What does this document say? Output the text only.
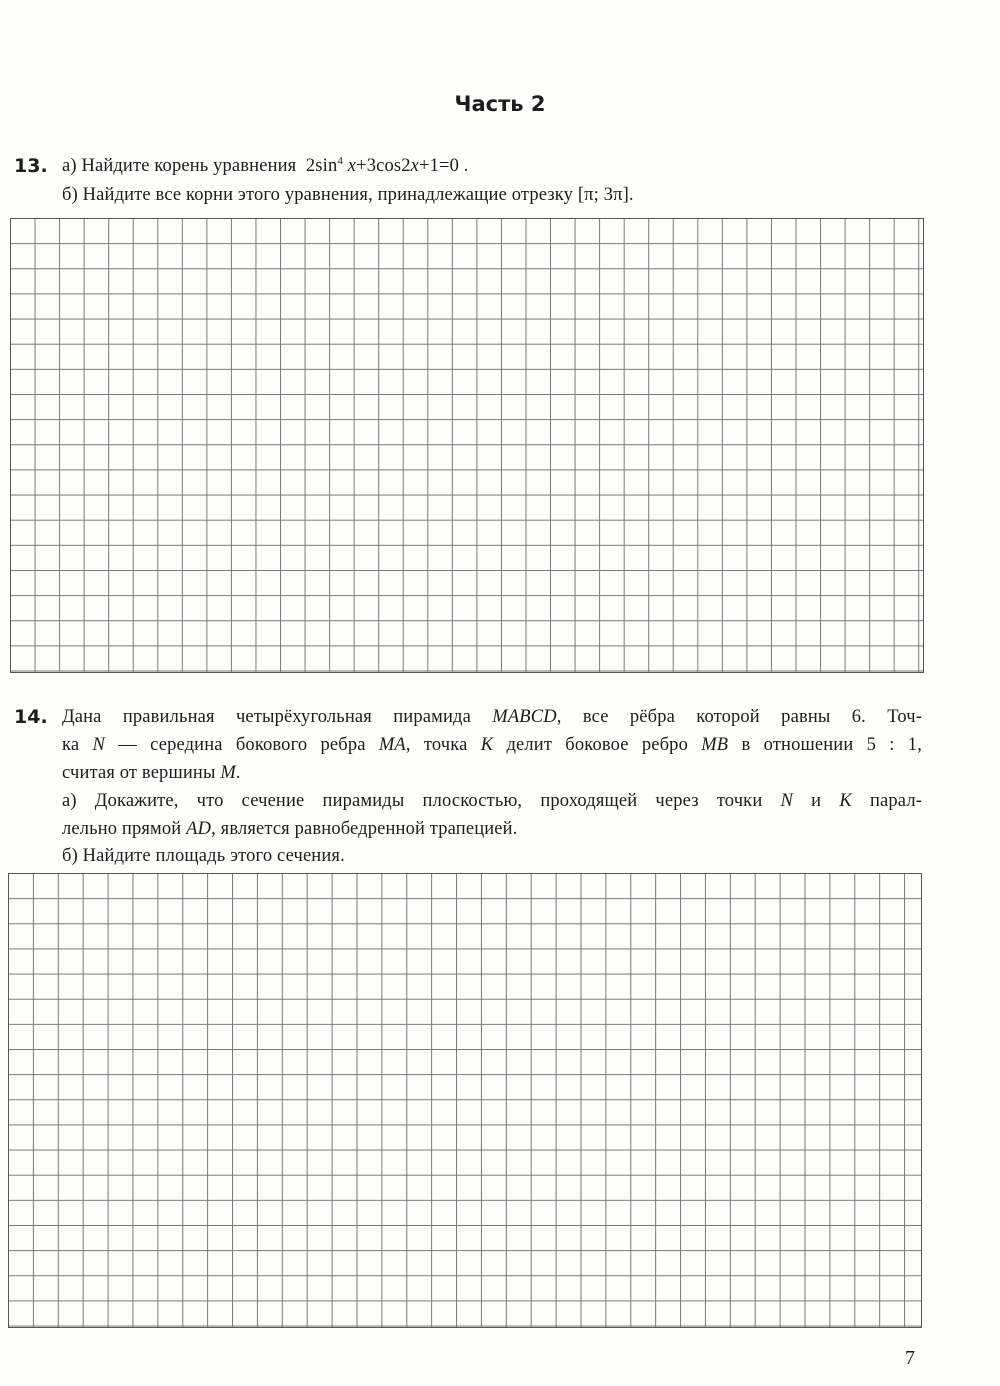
Часть 2
13. а) Найдите корень уравнения $2\sin^4$ x+3cos2x+1=0 .
б) Найдите все корни этого уравнения, принадлежащие отрезку [π; 3π].
14. Дана правильная четырёхугольная пирамида MABCD, все рёбра которой равны 6. Точ-
ка N — середина бокового ребра MA, точка K делит боковое ребро MB в отношении 5 : 1,
считая от вершины M.
а) Докажите, что сечение пирамиды плоскостью, проходящей через точки N и K парал-
лельно прямой AD, является равнобедренной трапецией.
б) Найдите площадь этого сечения.
7
